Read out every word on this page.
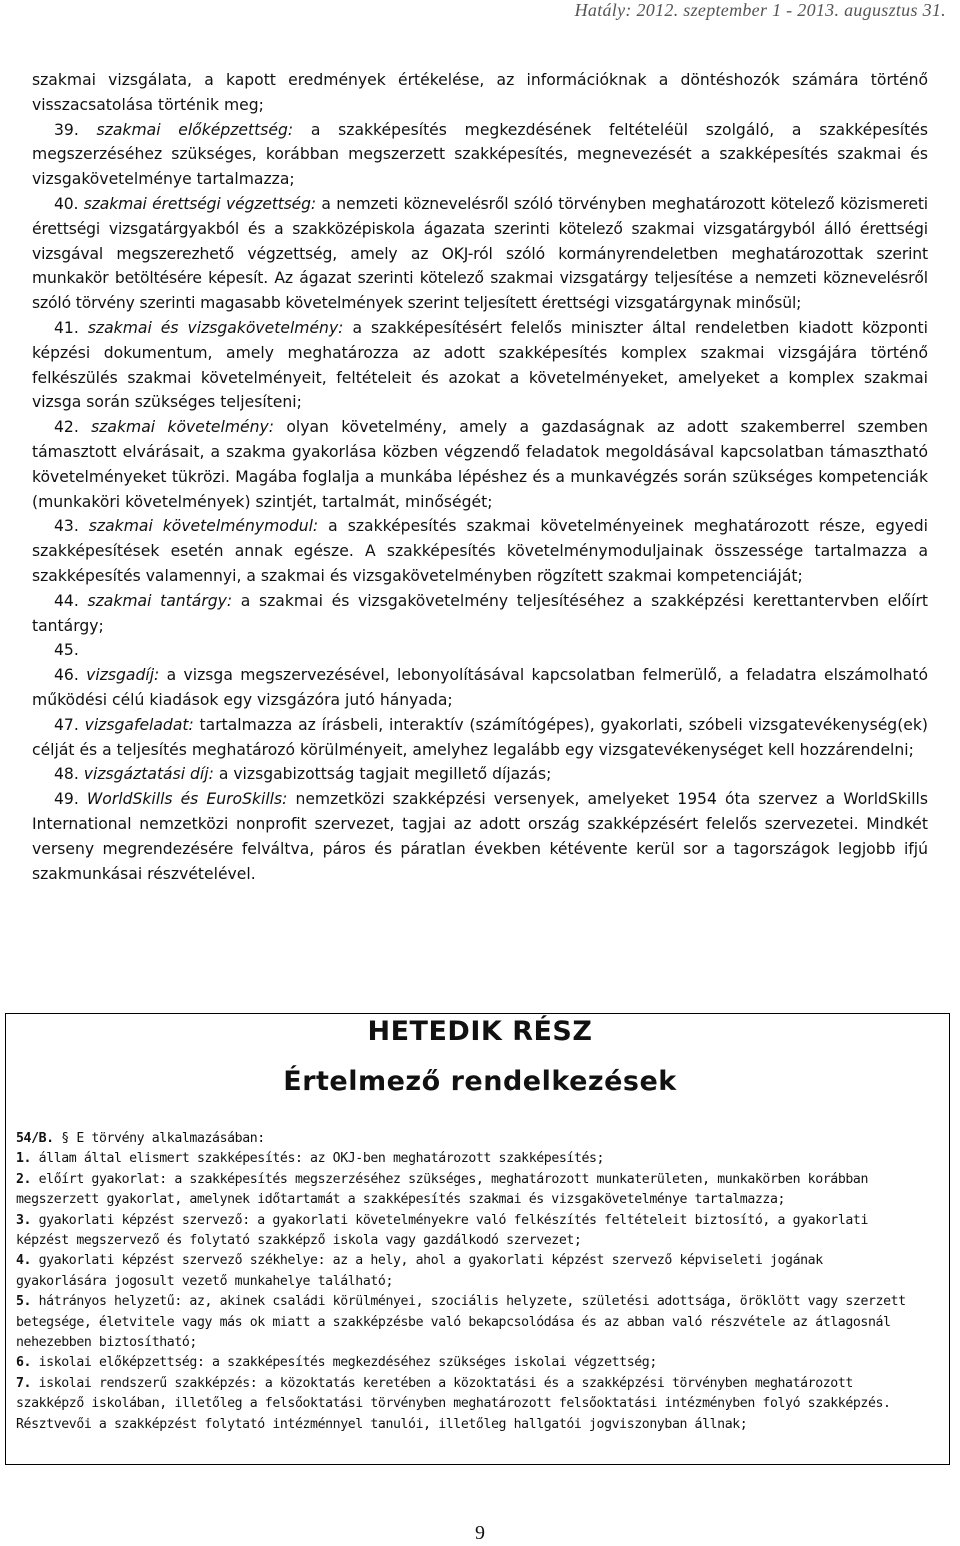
Hatály: 2012. szeptember 1 - 2013. augusztus 31.

szakmai vizsgálata, a kapott eredmények értékelése, az információknak a döntéshozók számára történő visszacsatolása történik meg;

39. szakmai előképzettség: a szakképesítés megkezdésének feltételéül szolgáló, a szakképesítés megszerzéséhez szükséges, korábban megszerzett szakképesítés, megnevezését a szakképesítés szakmai és vizsgakövetelménye tartalmazza;

40. szakmai érettségi végzettség: a nemzeti köznevelésről szóló törvényben meghatározott kötelező közismereti érettségi vizsgatárgyakból és a szakközépiskola ágazata szerinti kötelező szakmai vizsgatárgyból álló érettségi vizsgával megszerezhető végzettség, amely az OKJ-ról szóló kormányrendeletben meghatározottak szerint munkakör betöltésére képesít. Az ágazat szerinti kötelező szakmai vizsgatárgy teljesítése a nemzeti köznevelésről szóló törvény szerinti magasabb követelmények szerint teljesített érettségi vizsgatárgynak minősül;

41. szakmai és vizsgakövetelmény: a szakképesítésért felelős miniszter által rendeletben kiadott központi képzési dokumentum, amely meghatározza az adott szakképesítés komplex szakmai vizsgájára történő felkészülés szakmai követelményeit, feltételeit és azokat a követelményeket, amelyeket a komplex szakmai vizsga során szükséges teljesíteni;

42. szakmai követelmény: olyan követelmény, amely a gazdaságnak az adott szakemberrel szemben támasztott elvárásait, a szakma gyakorlása közben végzendő feladatok megoldásával kapcsolatban támasztható követelményeket tükrözi. Magába foglalja a munkába lépéshez és a munkavégzés során szükséges kompetenciák (munkaköri követelmények) szintjét, tartalmát, minőségét;

43. szakmai követelménymodul: a szakképesítés szakmai követelményeinek meghatározott része, egyedi szakképesítések esetén annak egésze. A szakképesítés követelménymoduljainak összessége tartalmazza a szakképesítés valamennyi, a szakmai és vizsgakövetelményben rögzített szakmai kompetenciáját;

44. szakmai tantárgy: a szakmai és vizsgakövetelmény teljesítéséhez a szakképzési kerettantervben előírt tantárgy;

45.

46. vizsgadíj: a vizsga megszervezésével, lebonyolításával kapcsolatban felmerülő, a feladatra elszámolható működési célú kiadások egy vizsgázóra jutó hányada;

47. vizsgafeladat: tartalmazza az írásbeli, interaktív (számítógépes), gyakorlati, szóbeli vizsgatevékenység(ek) célját és a teljesítés meghatározó körülményeit, amelyhez legalább egy vizsgatevékenységet kell hozzárendelni;

48. vizsgáztatási díj: a vizsgabizottság tagjait megillető díjazás;

49. WorldSkills és EuroSkills: nemzetközi szakképzési versenyek, amelyeket 1954 óta szervez a WorldSkills International nemzetközi nonprofit szervezet, tagjai az adott ország szakképzésért felelős szervezetei. Mindkét verseny megrendezésére felváltva, páros és páratlan években kétévente kerül sor a tagországok legjobb ifjú szakmunkásai részvételével.

HETEDIK RÉSZ
Értelmező rendelkezések

54/B. § E törvény alkalmazásában:

1. állam által elismert szakképesítés: az OKJ-ben meghatározott szakképesítés;

2. előírt gyakorlat: a szakképesítés megszerzéséhez szükséges, meghatározott munkaterületen, munkakörben korábban megszerzett gyakorlat, amelynek időtartamát a szakképesítés szakmai és vizsgakövetelménye tartalmazza;

3. gyakorlati képzést szervező: a gyakorlati követelményekre való felkészítés feltételeit biztosító, a gyakorlati képzést megszervező és folytató szakképző iskola vagy gazdálkodó szervezet;

4. gyakorlati képzést szervező székhelye: az a hely, ahol a gyakorlati képzést szervező képviseleti jogának gyakorlására jogosult vezető munkahelye található;

5. hátrányos helyzetű: az, akinek családi körülményei, szociális helyzete, születési adottsága, öröklött vagy szerzett betegsége, életvitele vagy más ok miatt a szakképzésbe való bekapcsolódása és az abban való részvétele az átlagosnál nehezebben biztosítható;

6. iskolai előképzettség: a szakképesítés megkezdéséhez szükséges iskolai végzettség;

7. iskolai rendszerű szakképzés: a közoktatás keretében a közoktatási és a szakképzési törvényben meghatározott szakképző iskolában, illetőleg a felsőoktatási törvényben meghatározott felsőoktatási intézményben folyó szakképzés. Résztvevői a szakképzést folytató intézménnyel tanulói, illetőleg hallgatói jogviszonyban állnak;

9
